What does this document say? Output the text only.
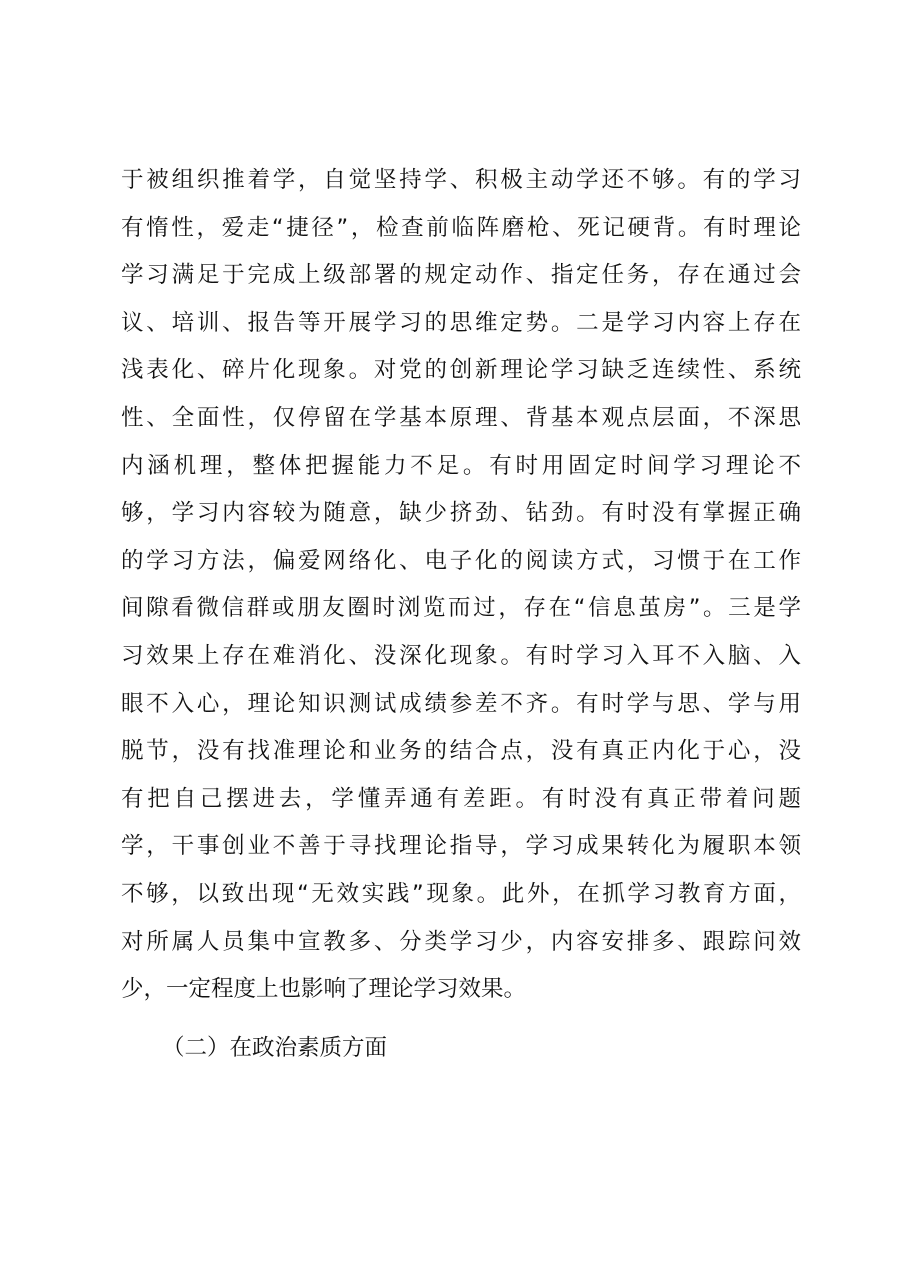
于被组织推着学，自觉坚持学、积极主动学还不够。有的学习
有惰性，爱走“捷径”，检查前临阵磨枪、死记硬背。有时理论
学习满足于完成上级部署的规定动作、指定任务，存在通过会
议、培训、报告等开展学习的思维定势。二是学习内容上存在
浅表化、碎片化现象。对党的创新理论学习缺乏连续性、系统
性、全面性，仅停留在学基本原理、背基本观点层面，不深思
内涵机理，整体把握能力不足。有时用固定时间学习理论不
够，学习内容较为随意，缺少挤劲、钻劲。有时没有掌握正确
的学习方法，偏爱网络化、电子化的阅读方式，习惯于在工作
间隙看微信群或朋友圈时浏览而过，存在“信息茧房”。三是学
习效果上存在难消化、没深化现象。有时学习入耳不入脑、入
眼不入心，理论知识测试成绩参差不齐。有时学与思、学与用
脱节，没有找准理论和业务的结合点，没有真正内化于心，没
有把自己摆进去，学懂弄通有差距。有时没有真正带着问题
学，干事创业不善于寻找理论指导，学习成果转化为履职本领
不够，以致出现“无效实践”现象。此外，在抓学习教育方面，
对所属人员集中宣教多、分类学习少，内容安排多、跟踪问效
少，一定程度上也影响了理论学习效果。
（二）在政治素质方面
